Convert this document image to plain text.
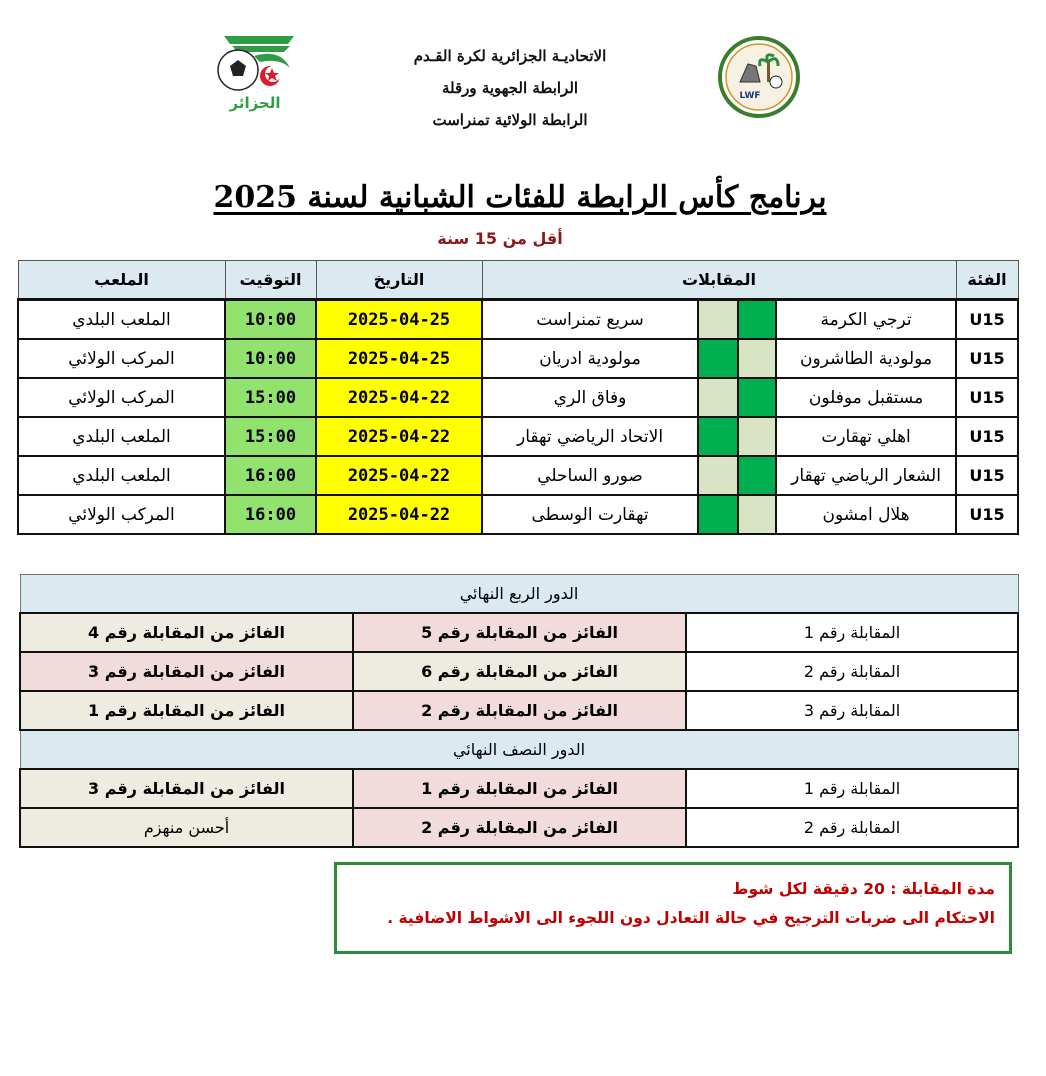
الجزائر	LWF
الاتحاديـة الجزائرية لكرة القـدم
الرابطة الجهوية ورقلة
الرابطة الولائية تمنراست
برنامج كأس الرابطة للفئات الشبانية لسنة 2025
أقل من 15 سنة
الفئة	المقابلات				التاريخ	التوقيت	الملعب
U15	ترجي الكرمة			سريع تمنراست	2025-04-25	10:00	الملعب البلدي
U15	مولودية الطاشرون			مولودية ادريان	2025-04-25	10:00	المركب الولائي
U15	مستقبل موفلون			وفاق الري	2025-04-22	15:00	المركب الولائي
U15	اهلي تهقارت			الاتحاد الرياضي تهقار	2025-04-22	15:00	الملعب البلدي
U15	الشعار الرياضي تهقار			صورو الساحلي	2025-04-22	16:00	الملعب البلدي
U15	هلال امشون			تهقارت الوسطى	2025-04-22	16:00	المركب الولائي
الدور الربع النهائي		
المقابلة رقم 1	الفائز من المقابلة رقم 5	الفائز من المقابلة رقم 4
المقابلة رقم 2	الفائز من المقابلة رقم 6	الفائز من المقابلة رقم 3
المقابلة رقم 3	الفائز من المقابلة رقم 2	الفائز من المقابلة رقم 1
الدور النصف النهائي		
المقابلة رقم 1	الفائز من المقابلة رقم 1	الفائز من المقابلة رقم 3
المقابلة رقم 2	الفائز من المقابلة رقم 2	أحسن منهزم
مدة المقابلة : 20 دقيقة لكل شوط
الاحتكام الى ضربات الترجيح في حالة التعادل دون اللجوء الى الاشواط الاضافية .
